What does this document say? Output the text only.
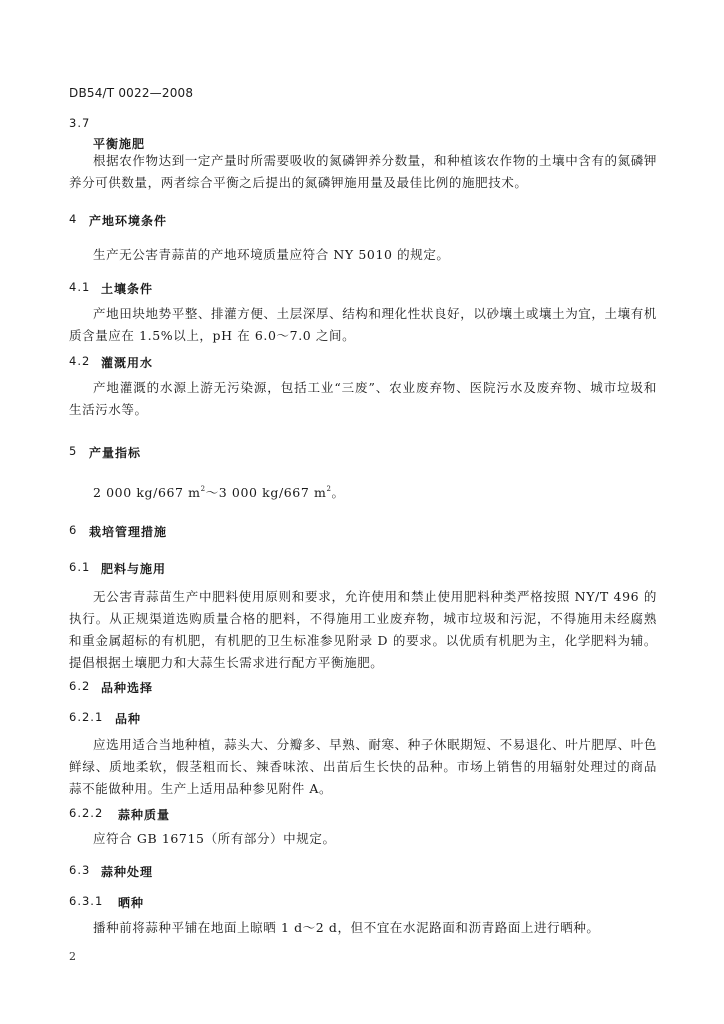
DB54/T 0022—2008
3.7
平衡施肥
根据农作物达到一定产量时所需要吸收的氮磷钾养分数量，和种植该农作物的土壤中含有的氮磷钾养分可供数量，两者综合平衡之后提出的氮磷钾施用量及最佳比例的施肥技术。
4 产地环境条件
生产无公害青蒜苗的产地环境质量应符合 NY 5010 的规定。
4.1 土壤条件
产地田块地势平整、排灌方便、土层深厚、结构和理化性状良好，以砂壤土或壤土为宜，土壤有机质含量应在 1.5%以上，pH 在 6.0～7.0 之间。
4.2 灌溉用水
产地灌溉的水源上游无污染源，包括工业“三废”、农业废弃物、医院污水及废弃物、城市垃圾和生活污水等。
5 产量指标
2 000 kg/667 $m^2\sim 3$ 000 kg/667 $m^2$。
6 栽培管理措施
6.1 肥料与施用
无公害青蒜苗生产中肥料使用原则和要求，允许使用和禁止使用肥料种类严格按照 NY/T 496 的执行。从正规渠道选购质量合格的肥料，不得施用工业废弃物，城市垃圾和污泥，不得施用未经腐熟和重金属超标的有机肥，有机肥的卫生标准参见附录 D 的要求。以优质有机肥为主，化学肥料为辅。提倡根据土壤肥力和大蒜生长需求进行配方平衡施肥。
6.2 品种选择
6.2.1 品种
应选用适合当地种植，蒜头大、分瓣多、早熟、耐寒、种子休眠期短、不易退化、叶片肥厚、叶色鲜绿、质地柔软，假茎粗而长、辣香味浓、出苗后生长快的品种。市场上销售的用辐射处理过的商品蒜不能做种用。生产上适用品种参见附件 A。
6.2.2 蒜种质量
应符合 GB 16715（所有部分）中规定。
6.3 蒜种处理
6.3.1 晒种
播种前将蒜种平铺在地面上晾晒 1 d～2 d，但不宜在水泥路面和沥青路面上进行晒种。
2
